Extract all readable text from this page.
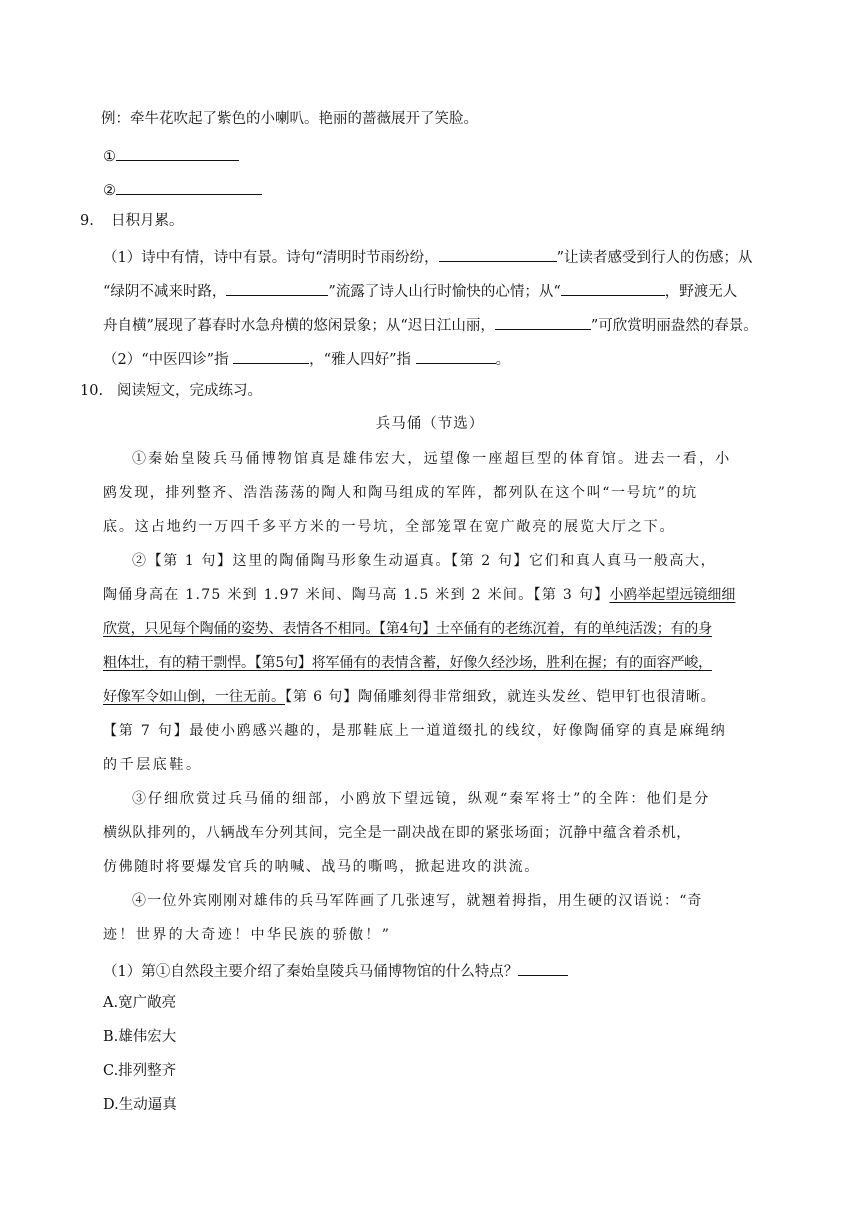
例：牵牛花吹起了紫色的小喇叭。艳丽的蔷薇展开了笑脸。
①
②
9. 日积月累。
（1）诗中有情，诗中有景。诗句“清明时节雨纷纷，	”让读者感受到行人的伤感；从
“绿阴不减来时路，	”流露了诗人山行时愉快的心情；从“	，野渡无人
舟自横”展现了暮春时水急舟横的悠闲景象；从“迟日江山丽，	”可欣赏明丽盎然的春景。
（2）“中医四诊”指	，“雅人四好”指	。
10. 阅读短文，完成练习。
兵马俑（节选）
①秦始皇陵兵马俑博物馆真是雄伟宏大，远望像一座超巨型的体育馆。进去一看，小
鸥发现，排列整齐、浩浩荡荡的陶人和陶马组成的军阵，都列队在这个叫“一号坑”的坑
底。这占地约一万四千多平方米的一号坑，全部笼罩在宽广敞亮的展览大厅之下。
②【第 1 句】这里的陶俑陶马形象生动逼真。【第 2 句】它们和真人真马一般高大，
陶俑身高在 1.75 米到 1.97 米间、陶马高 1.5 米到 2 米间。【第 3 句】小鸥举起望远镜细细
欣赏，只见每个陶俑的姿势、表情各不相同。【第4句】士卒俑有的老练沉着，有的单纯活泼；有的身
粗体壮，有的精干剽悍。【第5句】将军俑有的表情含蓄，好像久经沙场，胜利在握；有的面容严峻，
好像军令如山倒，一往无前。【第 6 句】陶俑雕刻得非常细致，就连头发丝、铠甲钉也很清晰。
【第 7 句】最使小鸥感兴趣的，是那鞋底上一道道缀扎的线纹，好像陶俑穿的真是麻绳纳
的千层底鞋。
③仔细欣赏过兵马俑的细部，小鸥放下望远镜，纵观“秦军将士”的全阵：他们是分
横纵队排列的，八辆战车分列其间，完全是一副决战在即的紧张场面；沉静中蕴含着杀机，
仿佛随时将要爆发官兵的呐喊、战马的嘶鸣，掀起进攻的洪流。
④一位外宾刚刚对雄伟的兵马军阵画了几张速写，就翘着拇指，用生硬的汉语说：“奇
迹！世界的大奇迹！中华民族的骄傲！”
（1）第①自然段主要介绍了秦始皇陵兵马俑博物馆的什么特点？
A.宽广敞亮
B.雄伟宏大
C.排列整齐
D.生动逼真
